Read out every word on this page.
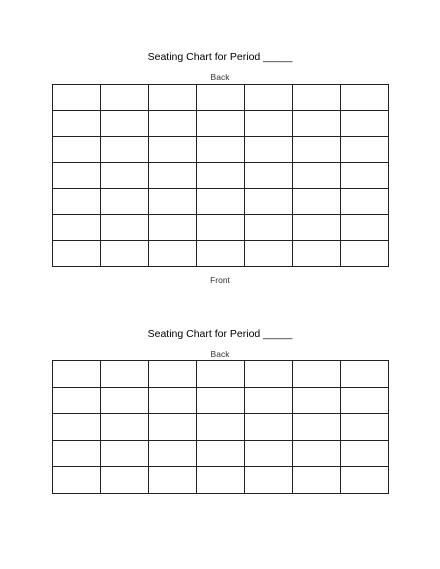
Seating Chart for Period _____
Back

Front
Seating Chart for Period _____
Back
